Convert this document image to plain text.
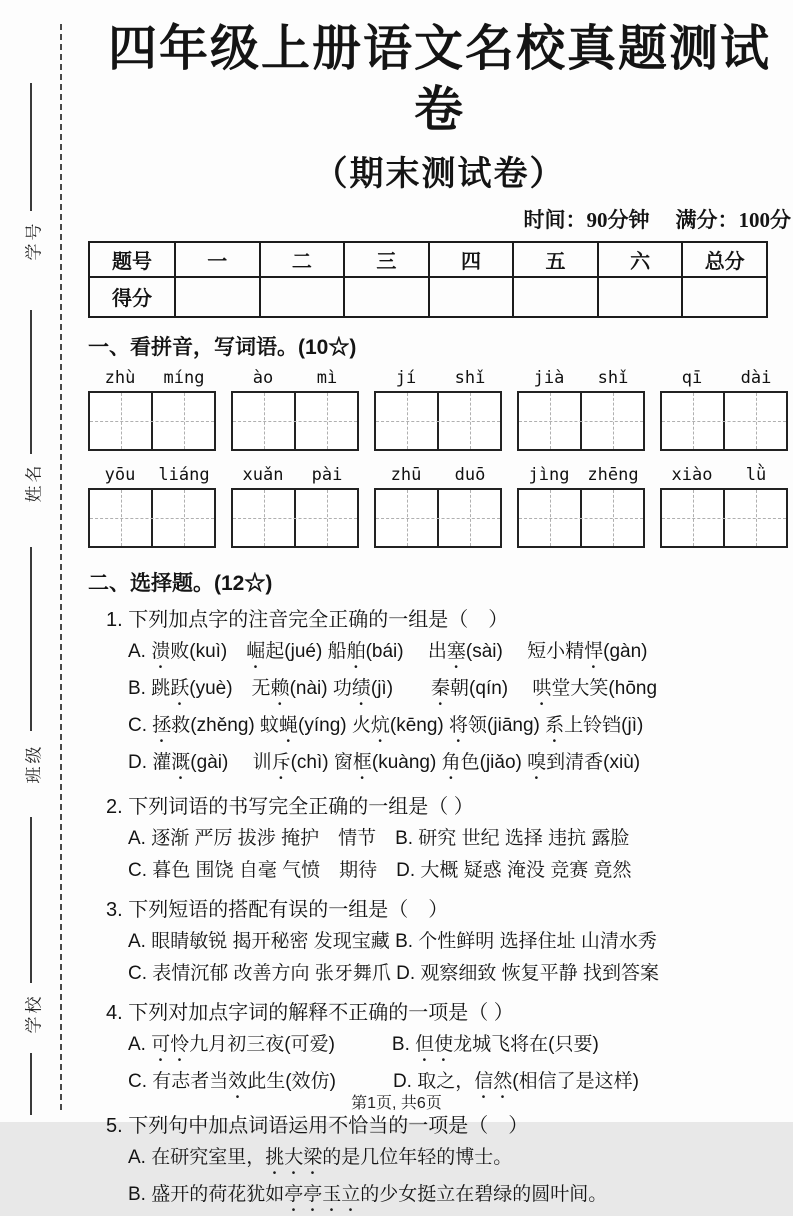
学号
姓名
班级
学校
四年级上册语文名校真题测试卷
（期末测试卷）
时间：90分钟 满分：100分
题号	一	二	三	四	五	六	总分
得分							
一、看拼音，写词语。(10☆)
zhù	míng	ào	mì	jí	shǐ	jià	shǐ	qī	dài
yōu	liáng	xuǎn	pài	zhū	duō	jìng	zhēng	xiào	lǜ
二、选择题。(12☆)
1. 下列加点字的注音完全正确的一组是（　）
A. 溃败(kuì)　崛起(jué) 船舶(bái)　 出塞(sài)　 短小精悍(gàn)
B. 跳跃(yuè)　无赖(nài) 功绩(jì)　　秦朝(qín)　 哄堂大笑(hōng
C. 拯救(zhěng) 蚊蝇(yíng) 火炕(kēng) 将领(jiāng) 系上铃铛(jì)
D. 灌溉(gài)　 训斥(chì) 窗框(kuàng) 角色(jiǎo) 嗅到清香(xiù)
2. 下列词语的书写完全正确的一组是（ ）
A. 逐渐 严厉 拔涉 掩护　情节　B. 研究 世纪 选择 违抗 露脸
C. 暮色 围饶 自毫 气愤　期待　D. 大概 疑惑 淹没 竞赛 竟然
3. 下列短语的搭配有误的一组是（　）
A. 眼睛敏锐 揭开秘密 发现宝藏 B. 个性鲜明 选择住址 山清水秀
C. 表情沉郁 改善方向 张牙舞爪 D. 观察细致 恢复平静 找到答案
4. 下列对加点字词的解释不正确的一项是（ ）
A. 可怜九月初三夜(可爱)　　　B. 但使龙城飞将在(只要)
C. 有志者当效此生(效仿)　　　D. 取之，信然(相信了是这样)
5. 下列句中加点词语运用不恰当的一项是（　）
A. 在研究室里，挑大梁的是几位年轻的博士。
B. 盛开的荷花犹如亭亭玉立的少女挺立在碧绿的圆叶间。
第1页, 共6页
